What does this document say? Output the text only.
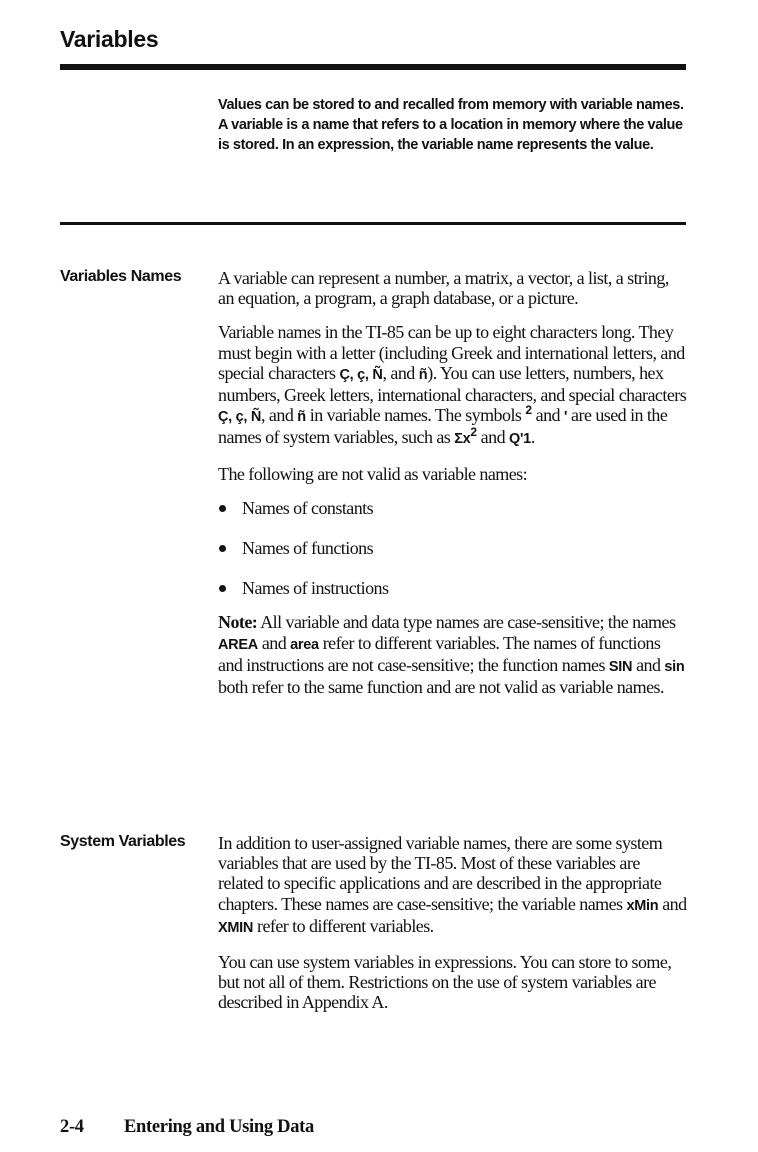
Variables
Values can be stored to and recalled from memory with variable names. A variable is a name that refers to a location in memory where the value is stored. In an expression, the variable name represents the value.
Variables Names A variable can represent a number, a matrix, a vector, a list, a string, an equation, a program, a graph database, or a picture.

Variable names in the TI-85 can be up to eight characters long. They must begin with a letter (including Greek and international letters, and special characters Ç, ç, Ñ, and ñ). You can use letters, numbers, hex numbers, Greek letters, international characters, and special characters Ç, ç, Ñ, and ñ in variable names. The symbols $^2$ and ' are used in the names of system variables, such as $\Sigma x^2$ and Q'1.

The following are not valid as variable names:

Names of constants
Names of functions
Names of instructions

Note: All variable and data type names are case-sensitive; the names AREA and area refer to different variables. The names of functions and instructions are not case-sensitive; the function names SIN and sin both refer to the same function and are not valid as variable names.

System Variables In addition to user-assigned variable names, there are some system variables that are used by the TI-85. Most of these variables are related to specific applications and are described in the appropriate chapters. These names are case-sensitive; the variable names xMin and XMIN refer to different variables.

You can use system variables in expressions. You can store to some, but not all of them. Restrictions on the use of system variables are described in Appendix A.

2-4 Entering and Using Data
